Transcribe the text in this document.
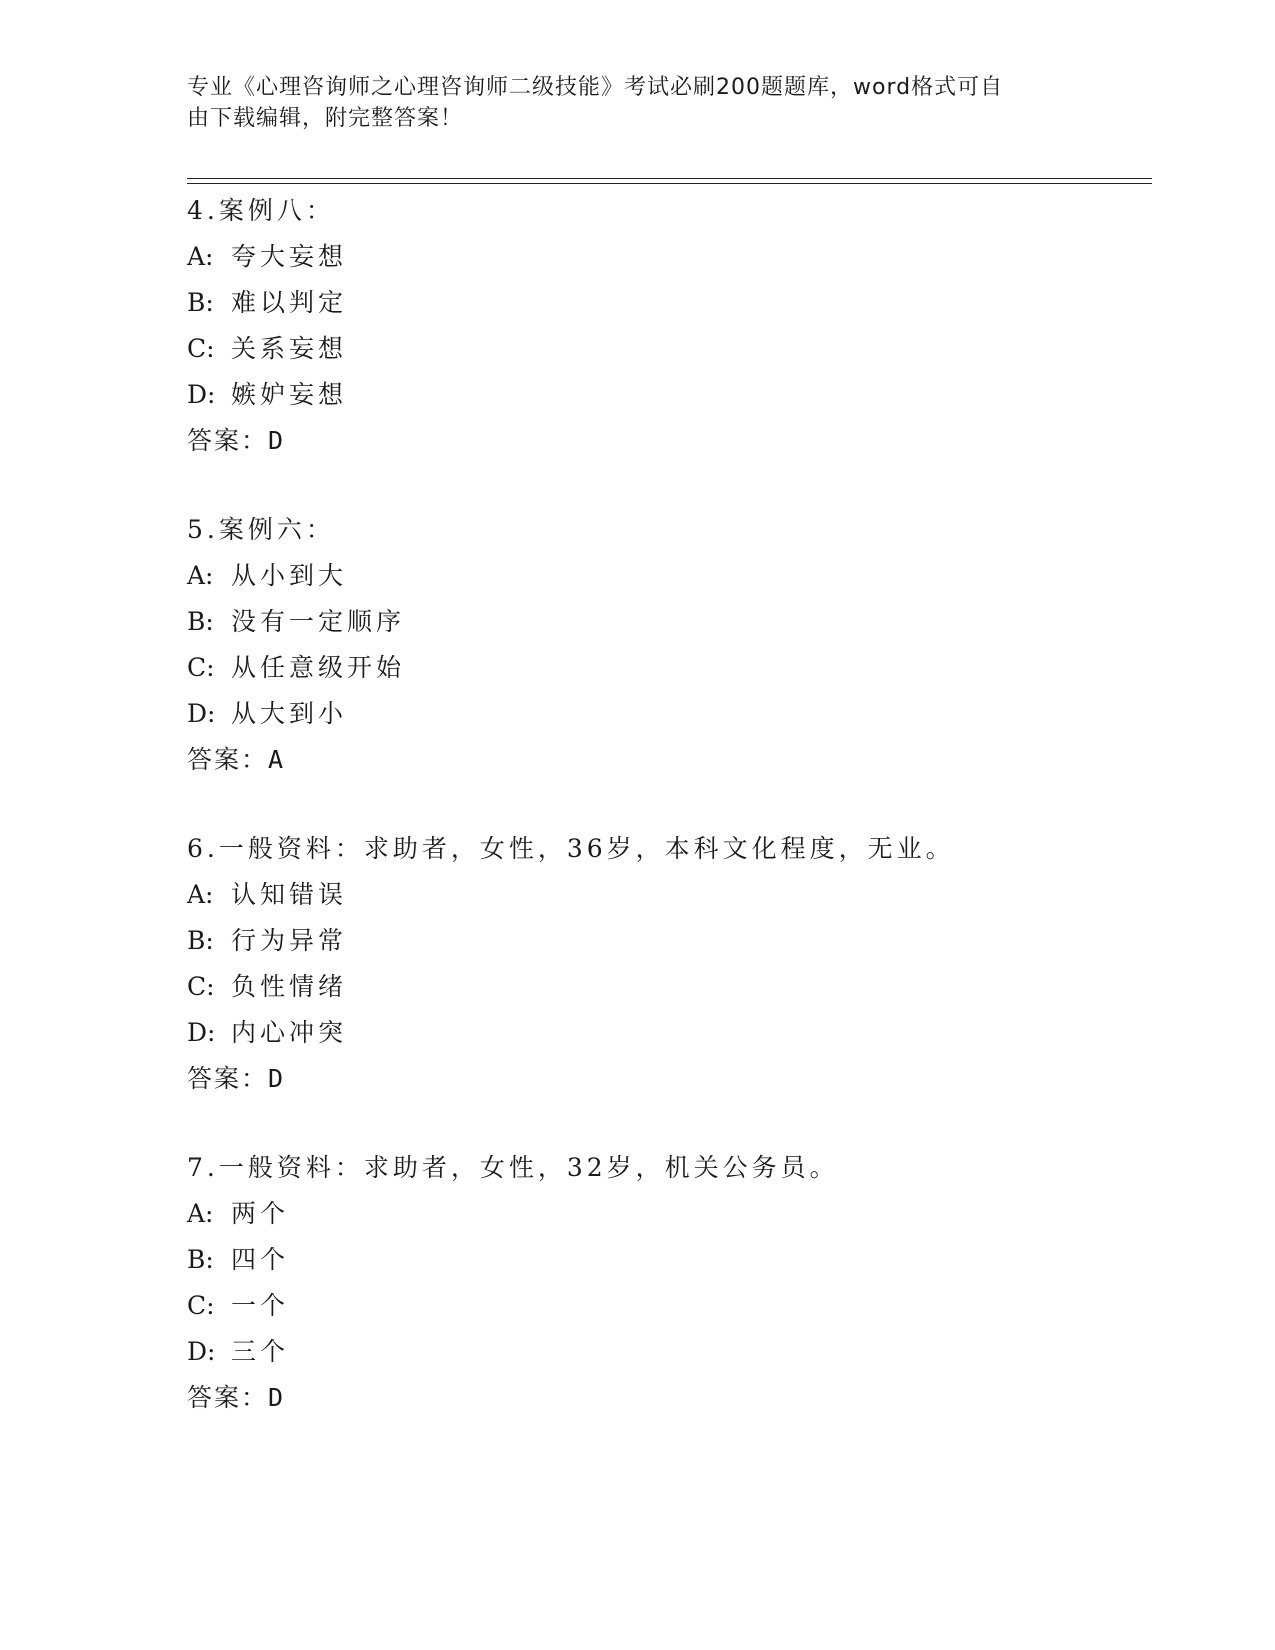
专业《心理咨询师之心理咨询师二级技能》考试必刷200题题库，word格式可自
由下载编辑，附完整答案！
4.案例八：
A: 夸大妄想
B: 难以判定
C: 关系妄想
D: 嫉妒妄想
答案：D
5.案例六：
A: 从小到大
B: 没有一定顺序
C: 从任意级开始
D: 从大到小
答案：A
6.一般资料：求助者，女性，36岁，本科文化程度，无业。
A: 认知错误
B: 行为异常
C: 负性情绪
D: 内心冲突
答案：D
7.一般资料：求助者，女性，32岁，机关公务员。
A: 两个
B: 四个
C: 一个
D: 三个
答案：D
